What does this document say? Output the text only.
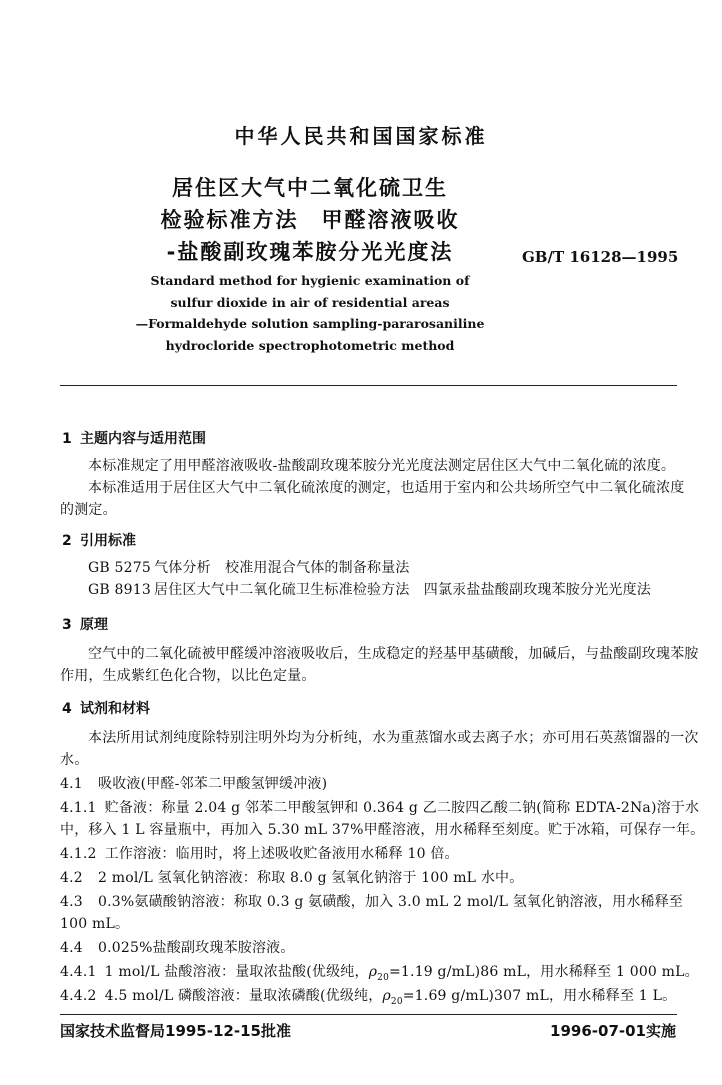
中华人民共和国国家标准
居住区大气中二氧化硫卫生
检验标准方法　甲醛溶液吸收
-盐酸副玫瑰苯胺分光光度法	GB/T 16128—1995
Standard method for hygienic examination of
sulfur dioxide in air of residential areas
—Formaldehyde solution sampling-pararosaniline
hydrocloride spectrophotometric method
1 主题内容与适用范围
本标准规定了用甲醛溶液吸收-盐酸副玫瑰苯胺分光光度法测定居住区大气中二氧化硫的浓度。
本标准适用于居住区大气中二氧化硫浓度的测定，也适用于室内和公共场所空气中二氧化硫浓度
的测定。
2 引用标准
GB 5275 气体分析　校准用混合气体的制备称量法
GB 8913 居住区大气中二氧化硫卫生标准检验方法　四氯汞盐盐酸副玫瑰苯胺分光光度法
3 原理
空气中的二氧化硫被甲醛缓冲溶液吸收后，生成稳定的羟基甲基磺酸，加碱后，与盐酸副玫瑰苯胺
作用，生成紫红色化合物，以比色定量。
4 试剂和材料
本法所用试剂纯度除特别注明外均为分析纯，水为重蒸馏水或去离子水；亦可用石英蒸馏器的一次
水。
4.1 吸收液(甲醛-邻苯二甲酸氢钾缓冲液)
4.1.1 贮备液：称量 2.04 g 邻苯二甲酸氢钾和 0.364 g 乙二胺四乙酸二钠(简称 EDTA-2Na)溶于水
中，移入 1 L 容量瓶中，再加入 5.30 mL 37%甲醛溶液，用水稀释至刻度。贮于冰箱，可保存一年。
4.1.2 工作溶液：临用时，将上述吸收贮备液用水稀释 10 倍。
4.2 2 mol/L 氢氧化钠溶液：称取 8.0 g 氢氧化钠溶于 100 mL 水中。
4.3 0.3%氨磺酸钠溶液：称取 0.3 g 氨磺酸，加入 3.0 mL 2 mol/L 氢氧化钠溶液，用水稀释至
100 mL。
4.4 0.025%盐酸副玫瑰苯胺溶液。
4.4.1 1 mol/L 盐酸溶液：量取浓盐酸(优级纯，$\rho_{20}=1.19$ g/mL)86 mL，用水稀释至 1 000 mL。
4.4.2 4.5 mol/L 磷酸溶液：量取浓磷酸(优级纯，$\rho_{20}=1.69$ g/mL)307 mL，用水稀释至 1 L。
国家技术监督局1995-12-15批准	1996-07-01实施
